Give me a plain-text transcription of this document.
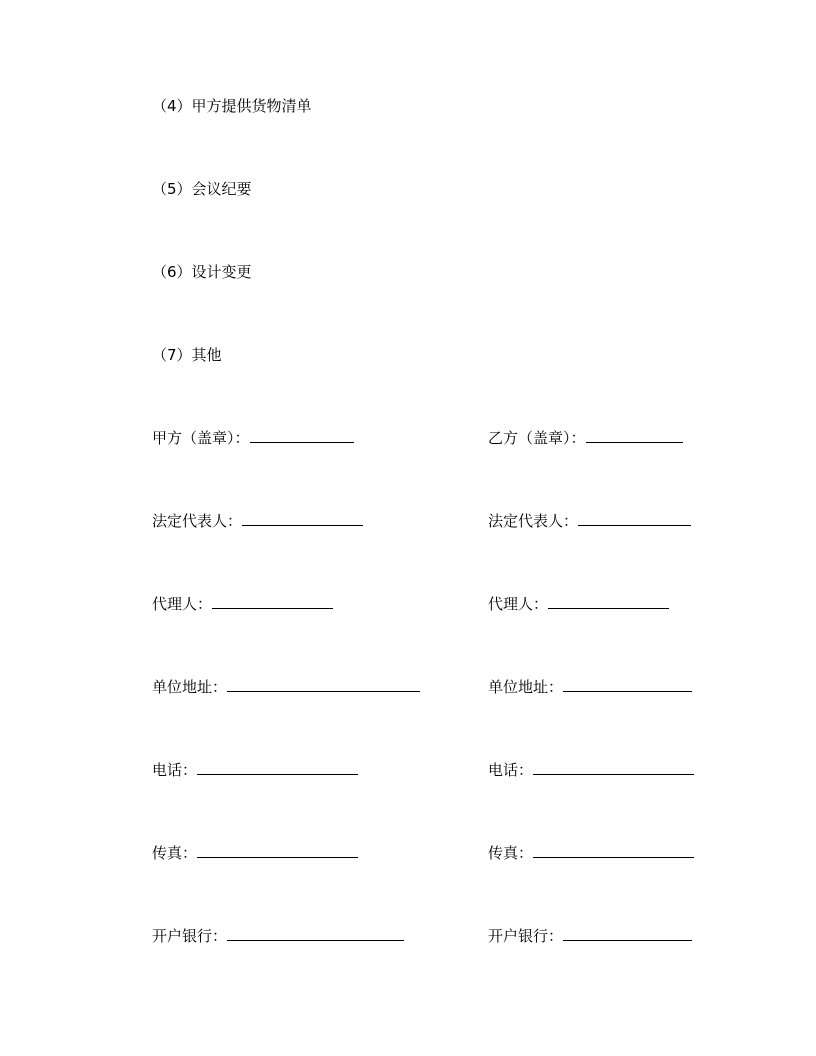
（4）甲方提供货物清单
（5）会议纪要
（6）设计变更
（7）其他
甲方（盖章）：
法定代表人：
代理人：
单位地址：
电话：
传真：
开户银行：
乙方（盖章）：
法定代表人：
代理人：
单位地址：
电话：
传真：
开户银行：
